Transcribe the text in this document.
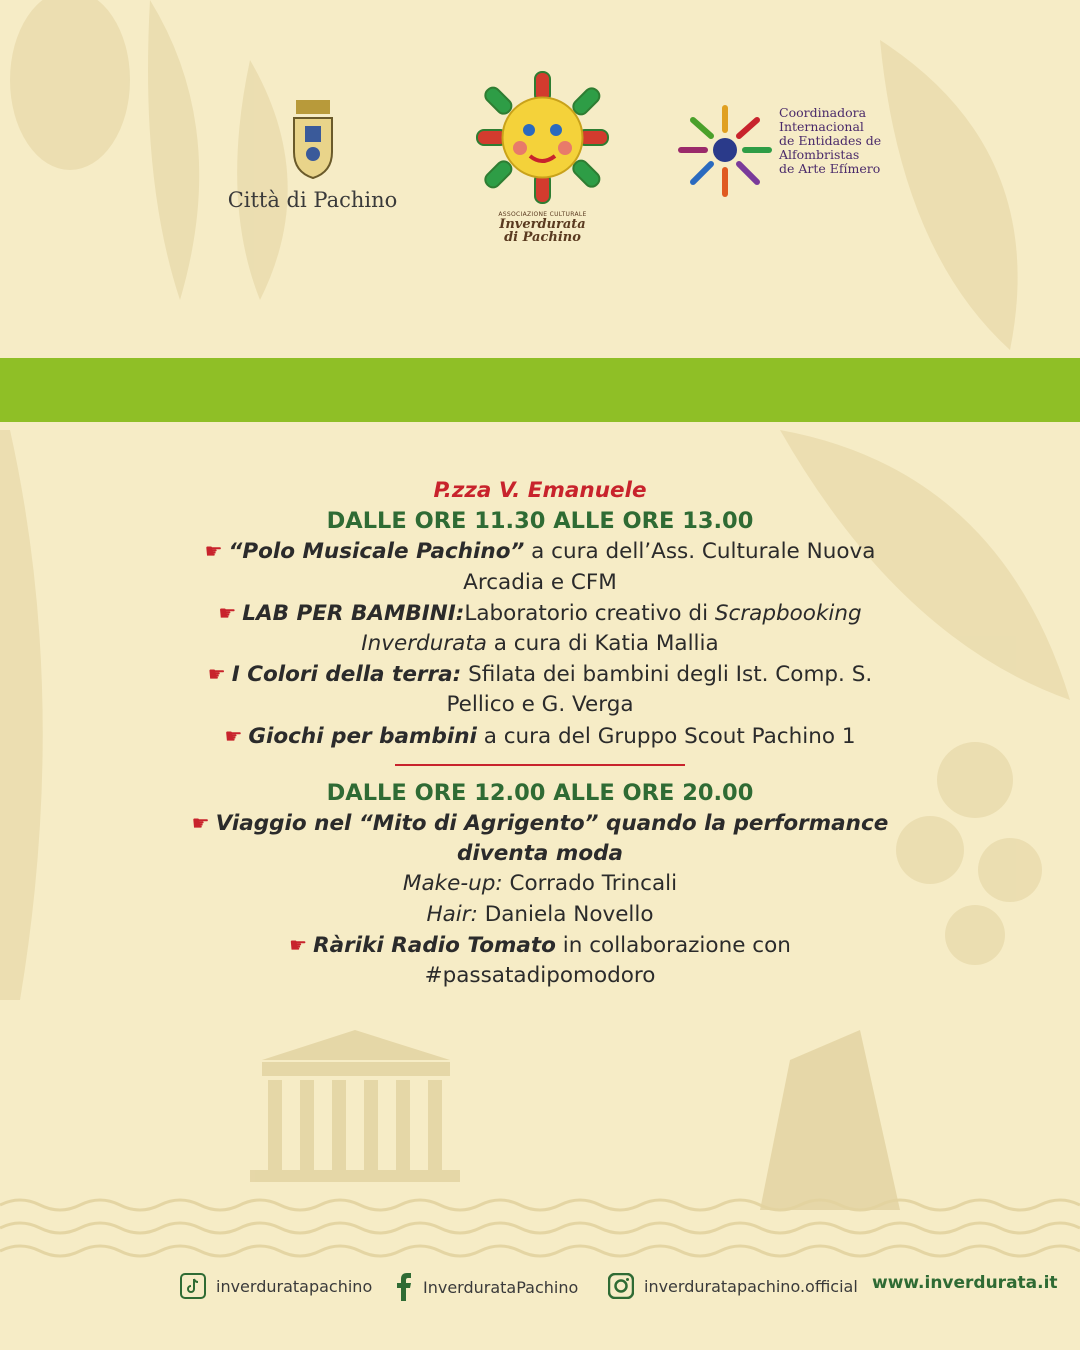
Città di Pachino
ASSOCIAZIONE CULTURALE
Inverdurata
di Pachino
Coordinadora
Internacional
de Entidades de
Alfombristas
de Arte Efímero
P.zza V. Emanuele
DALLE ORE 11.30 ALLE ORE 13.00
☛ “Polo Musicale Pachino” a cura dell’Ass. Culturale Nuova Arcadia e CFM
☛ LAB PER BAMBINI:Laboratorio creativo di Scrapbooking Inverdurata a cura di Katia Mallia
☛ I Colori della terra: Sfilata dei bambini degli Ist. Comp. S. Pellico e G. Verga
☛ Giochi per bambini a cura del Gruppo Scout Pachino 1
DALLE ORE 12.00 ALLE ORE 20.00
☛ Viaggio nel “Mito di Agrigento” quando la performance diventa moda
Make-up: Corrado Trincali
Hair: Daniela Novello
☛ Ràriki Radio Tomato in collaborazione con #passatadipomodoro
inverdurata​pachino	InverdurataPachino	inverdurata​pachino.official www.inverdurata.it
